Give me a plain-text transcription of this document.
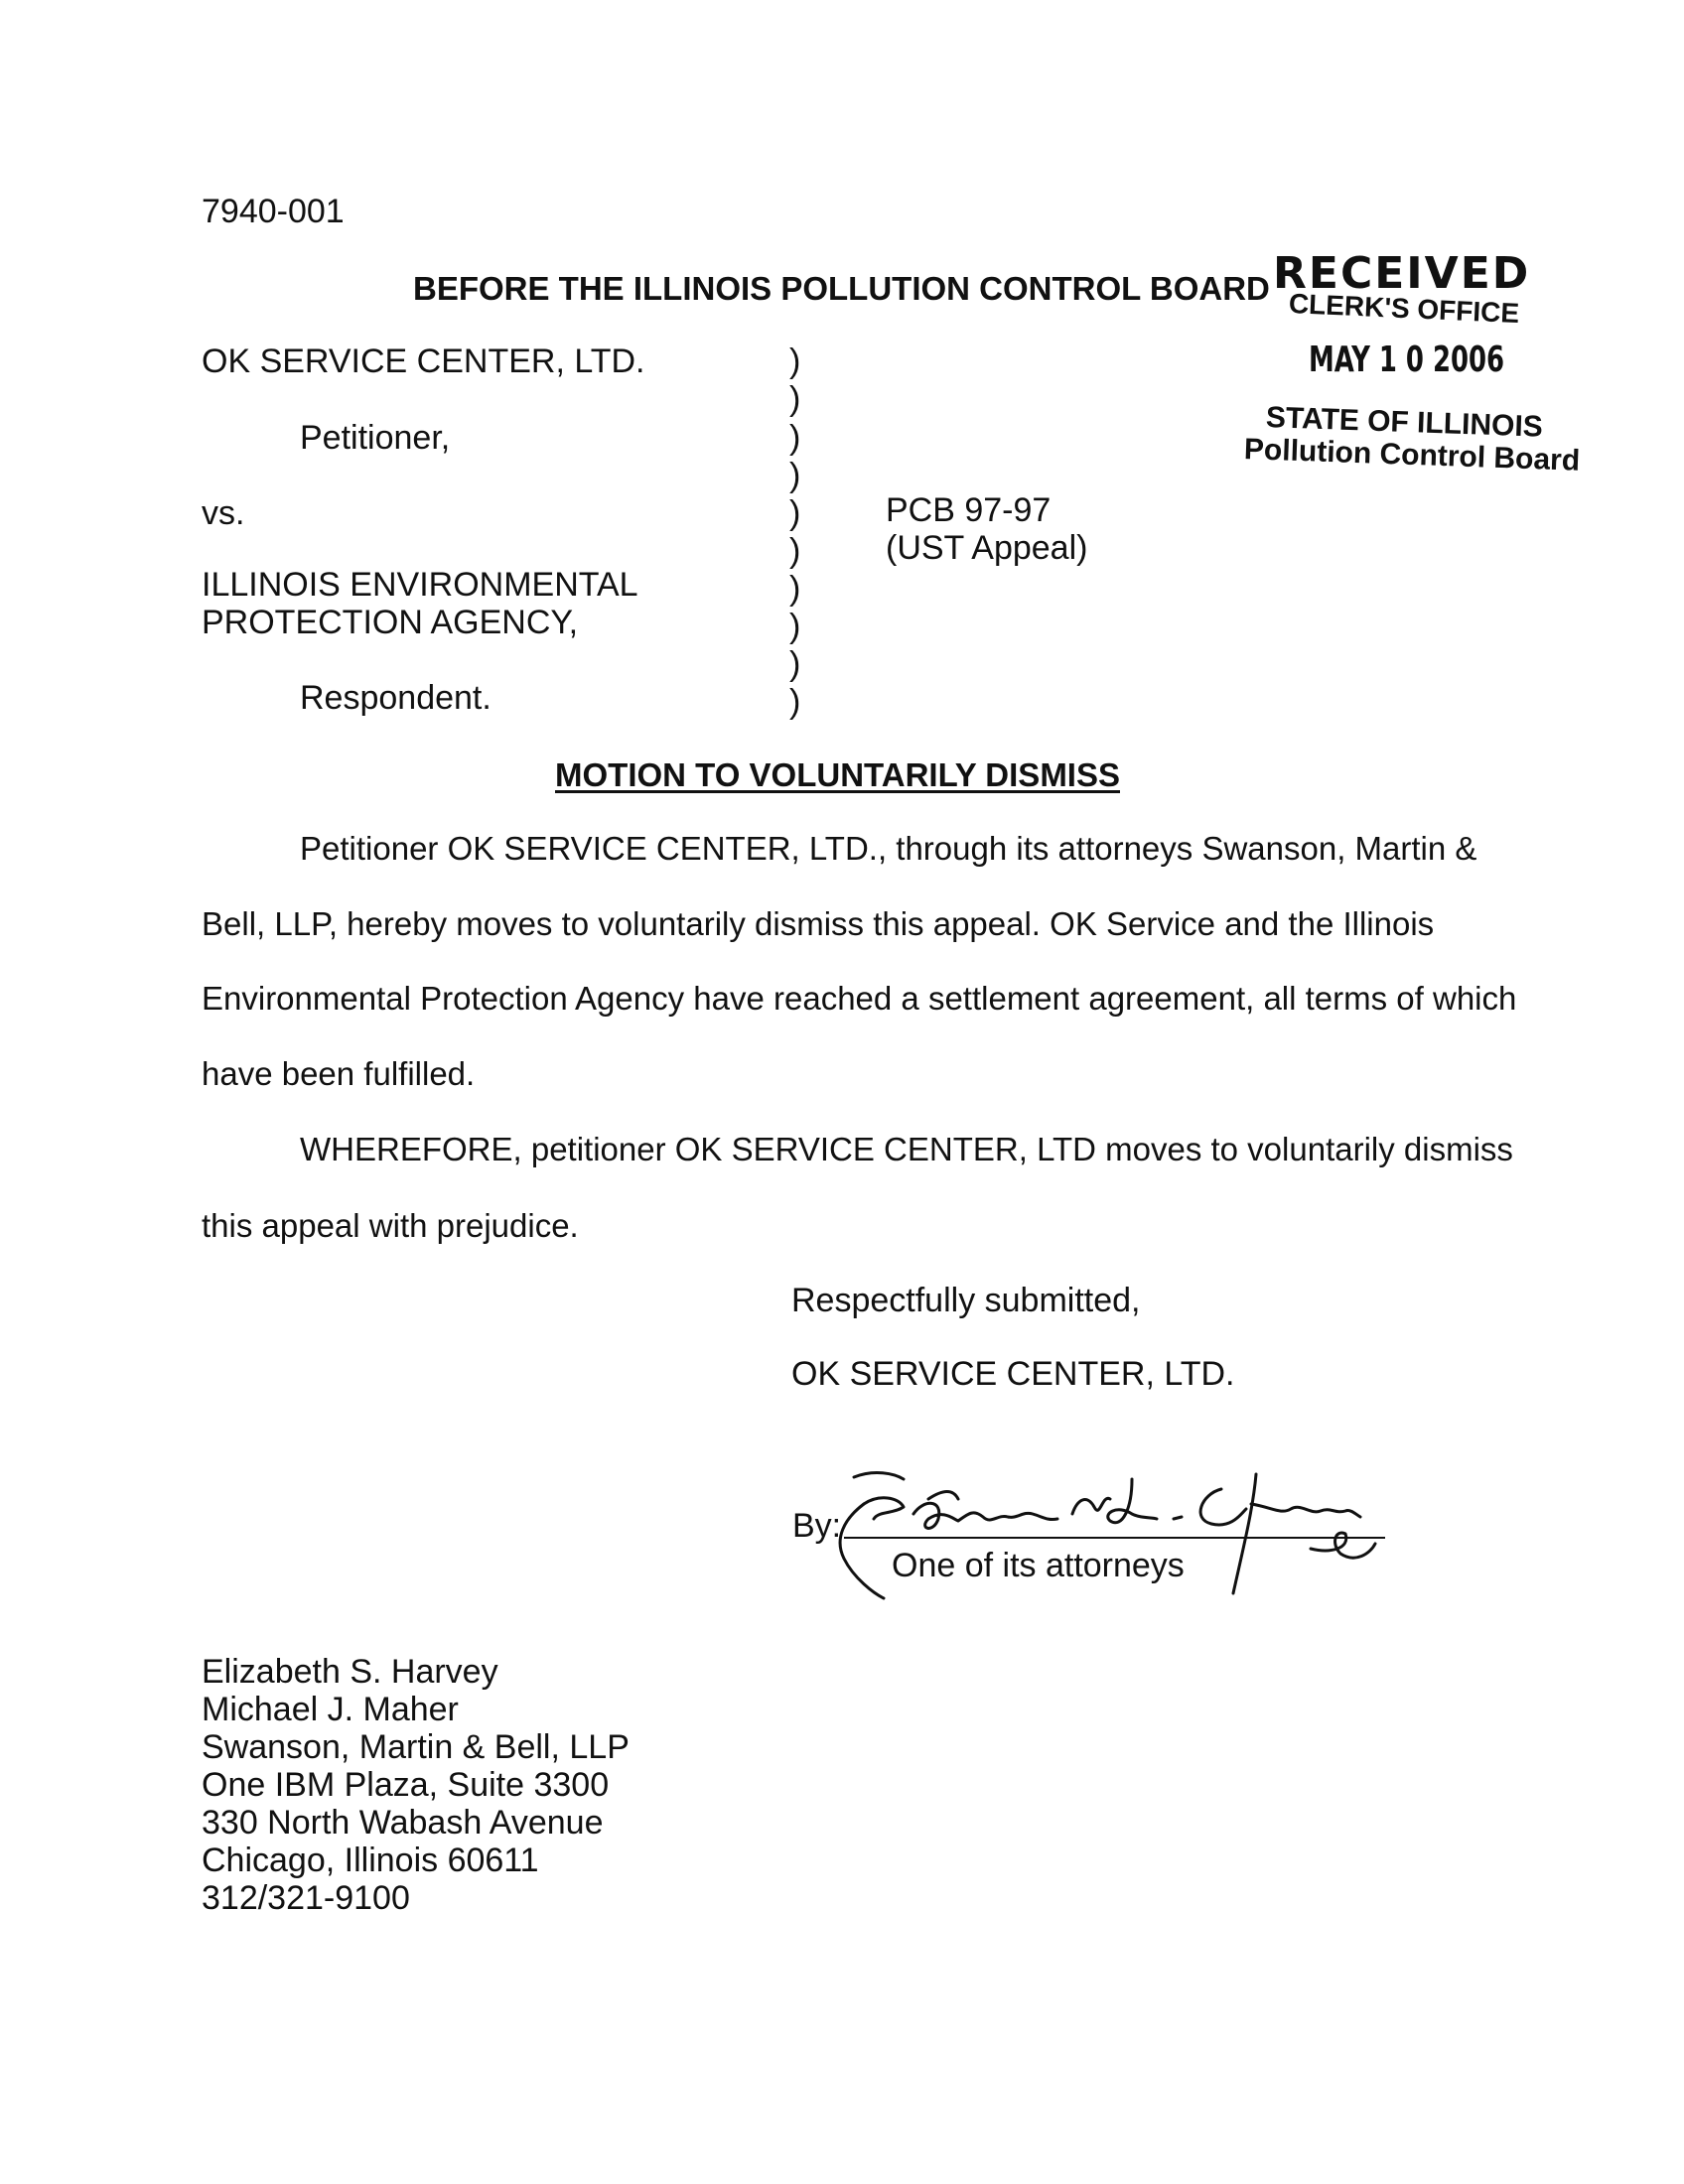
7940-001
BEFORE THE ILLINOIS POLLUTION CONTROL BOARD RECEIVED
CLERK'S OFFICE
MAY 1 0 2006
STATE OF ILLINOIS
Pollution Control Board
OK SERVICE CENTER, LTD.
Petitioner,
vs.
ILLINOIS ENVIRONMENTAL
PROTECTION AGENCY,
Respondent.
)
)
)
)
)
)
)
)
)
)
PCB 97-97
(UST Appeal)
MOTION TO VOLUNTARILY DISMISS
Petitioner OK SERVICE CENTER, LTD., through its attorneys Swanson, Martin &
Bell, LLP, hereby moves to voluntarily dismiss this appeal. OK Service and the Illinois
Environmental Protection Agency have reached a settlement agreement, all terms of which
have been fulfilled.
WHEREFORE, petitioner OK SERVICE CENTER, LTD moves to voluntarily dismiss
this appeal with prejudice.
Respectfully submitted,
OK SERVICE CENTER, LTD.
By:
One of its attorneys
Elizabeth S. Harvey
Michael J. Maher
Swanson, Martin & Bell, LLP
One IBM Plaza, Suite 3300
330 North Wabash Avenue
Chicago, Illinois 60611
312/321-9100
